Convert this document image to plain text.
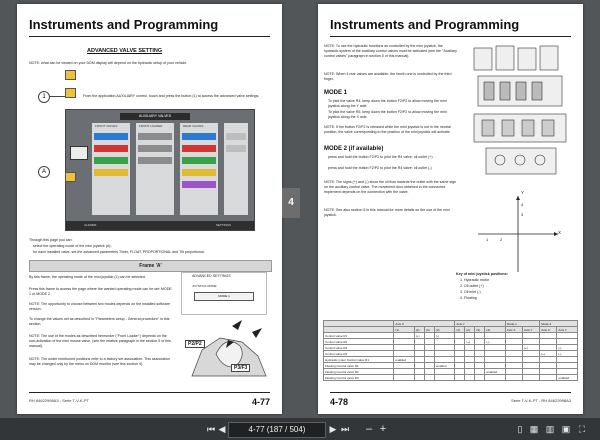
Instruments and Programming
ADVANCED VALVE SETTING
NOTE: what can be viewed on your DDM display will depend on the hydraulic setup of your vehicle.
1	From the application AUXILIARY control, touch and press the button (1) to access the advanced valve settings.
AUXILIARY VALVES
FRONT VALVES	FRONT LOADER	REAR VALVES
ALARMS	SETTINGS
A
Through this page you can:
select the operating mode of the mini joystick (A);
for each installed valve, set the advanced parameters Timer, FLOAT, PROPORTIONAL and Tilt proportional.
Frame 'A'
By this frame, the operating mode of the mini joystick (1) can be selected.
Press this frame to access the page where the wanted operating mode can be set: MODE 1 or MODE 2.
NOTE: The opportunity to choose between two modes depends on the installed software version.
To change the values set as described in "Parameters setup - General procedure" in this section.
NOTE: The use of the modes as described hereunder ("Front Loader") depends on the non-activation of the mini mouse valve, (see the relative paragraph in the section 5 of this manual).
NOTE: The under mentioned positions refer to a factory set association. This association may be changed only by the menu on DDM monitor (see this section 4).
ADVANCED SETTINGS
JOYSTICK MODE
MODE 1
P2/P2
P3/F3
RH 84622998A3 - Serie T-V-K-PT	4-77
4
Instruments and Programming
NOTE: To use the hydraulic functions as controlled by the mini joystick, the hydraulic system of the auxiliary control valves must be activated (see the "Auxiliary control valves" paragraph in section 5 of this manual).
NOTE: When 4 rear valves are available, the fourth one is controlled by the third finger.
MODE 1
To pilot the valve R4, keep down the button F2/P2 to allow moving the mini joystick along the Y axle.
To pilot the valve R5, keep down the button F2/P2 to allow moving the mini joystick along the X axle.
NOTE: If the button F2/P2 is released while the mini joystick is not in the neutral position, the valve corresponding to the position of the mini joystick will activate.
MODE 2 (if available)
press and hold the button F2/P2 to pilot the R4 valve: oil outlet (+)
press and hold the button F2/P2 to pilot the R4 valve: oil outlet (-)
NOTE: The signs (+) and (-) show the oil flow towards the outlet with the same sign on the auxiliary control valve. The movement thus obtained in the connected implement depends on the connection with the valve.
NOTE: See also section 5 in this manual for more details on the use of the mini joystick.
X
Y
4
3
1	2
Key of mini joystick positions:
1. Hydraulic motor
2. Oil outlet (+)
3. Oil inlet (-)
4. Floating
	Axis X				Axis Y				Mode 1		Mode 2	
	(1)	(2)	(3)	(4)	(1)	(2)	(3)	(4)	Axis X	Axis Y	Axis X	Axis Y
Control valve R1		(+)		(-)								
Control valve R2						(+)		(-)				
Control valve R3										(+)		(-)
Control valve R4											(+)	(-)
Hydraulic motor Control valve R1	enabled											
Floating Control valve R1				enabled								
Floating Control valve R2								enabled				
Floating Control valve R3												enabled
4-78	Serie T-V-K-PT - RH 84622998A3
⏮ ◀	4-77 (187 / 504)	▶ ⏭ – +	▯ ▦ ▥ ▣ ⛶
